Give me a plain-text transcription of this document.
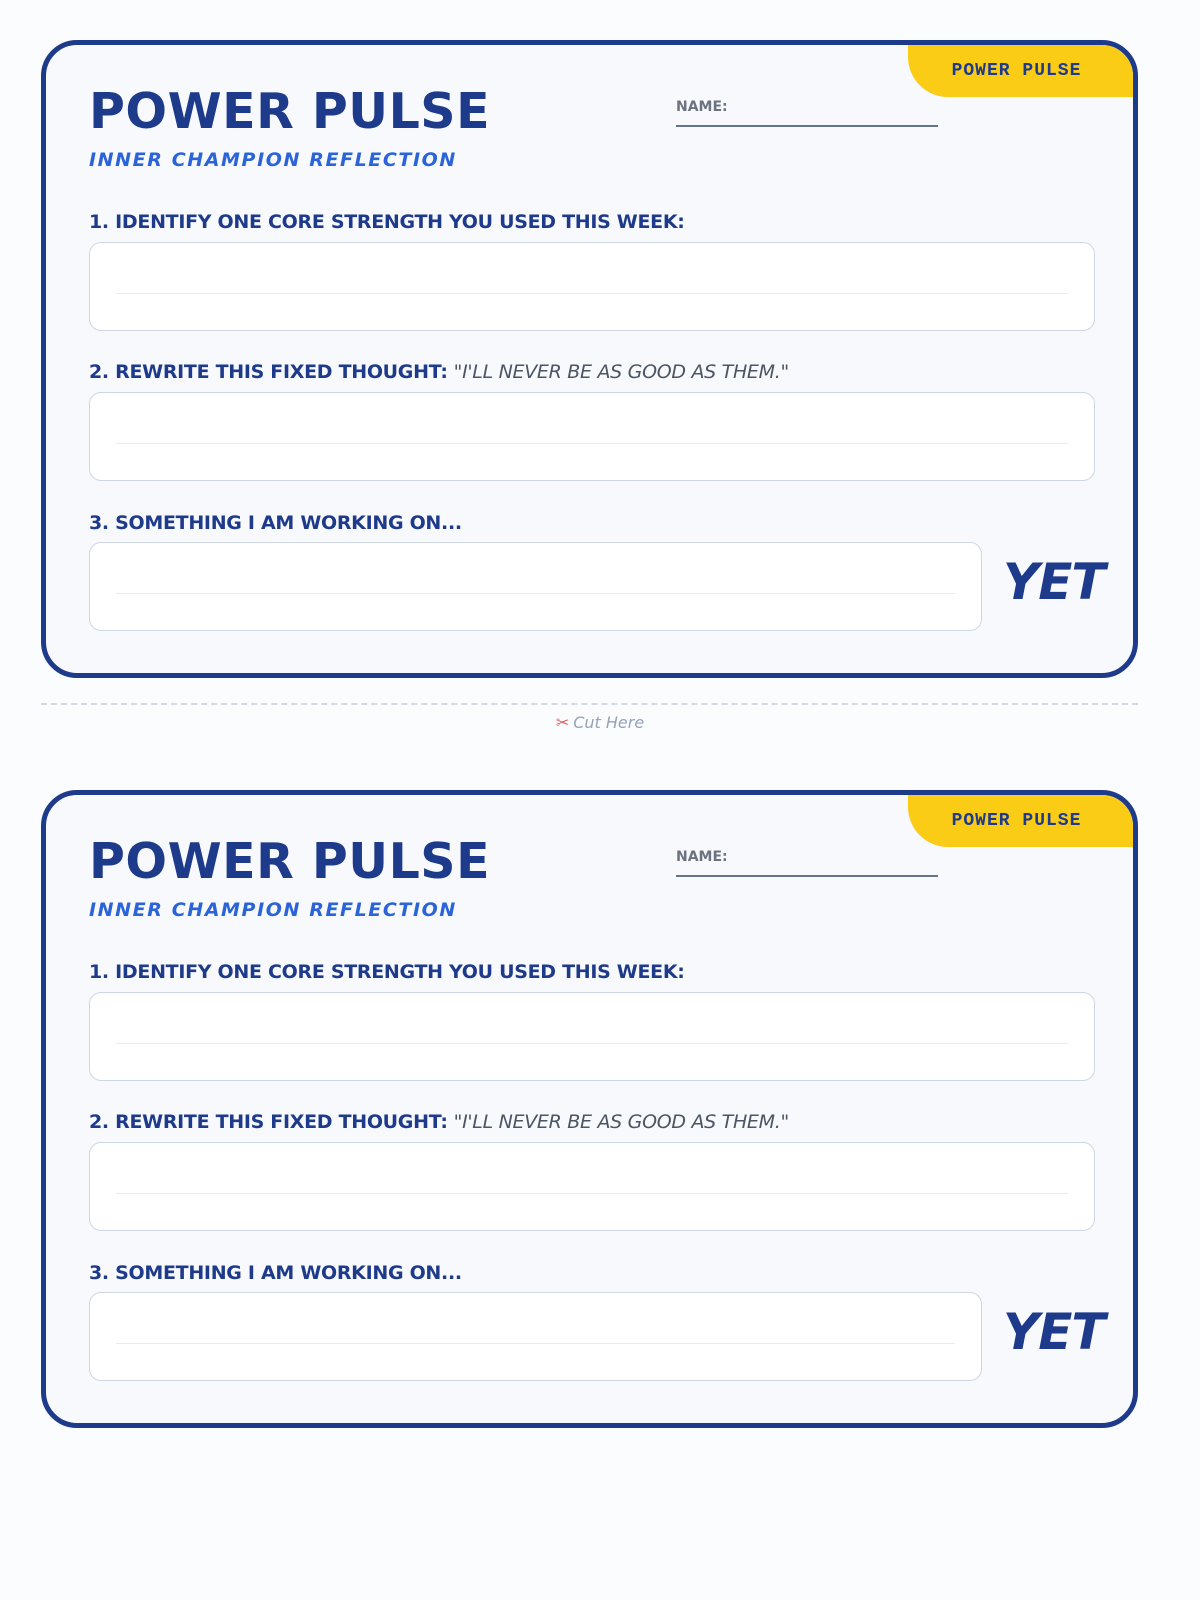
POWER PULSE
POWER PULSE
INNER CHAMPION REFLECTION
NAME:
1. IDENTIFY ONE CORE STRENGTH YOU USED THIS WEEK:
2. REWRITE THIS FIXED THOUGHT: "I'LL NEVER BE AS GOOD AS THEM."
3. SOMETHING I AM WORKING ON...
YET
✂ Cut Here
POWER PULSE
POWER PULSE
INNER CHAMPION REFLECTION
NAME:
1. IDENTIFY ONE CORE STRENGTH YOU USED THIS WEEK:
2. REWRITE THIS FIXED THOUGHT: "I'LL NEVER BE AS GOOD AS THEM."
3. SOMETHING I AM WORKING ON...
YET
